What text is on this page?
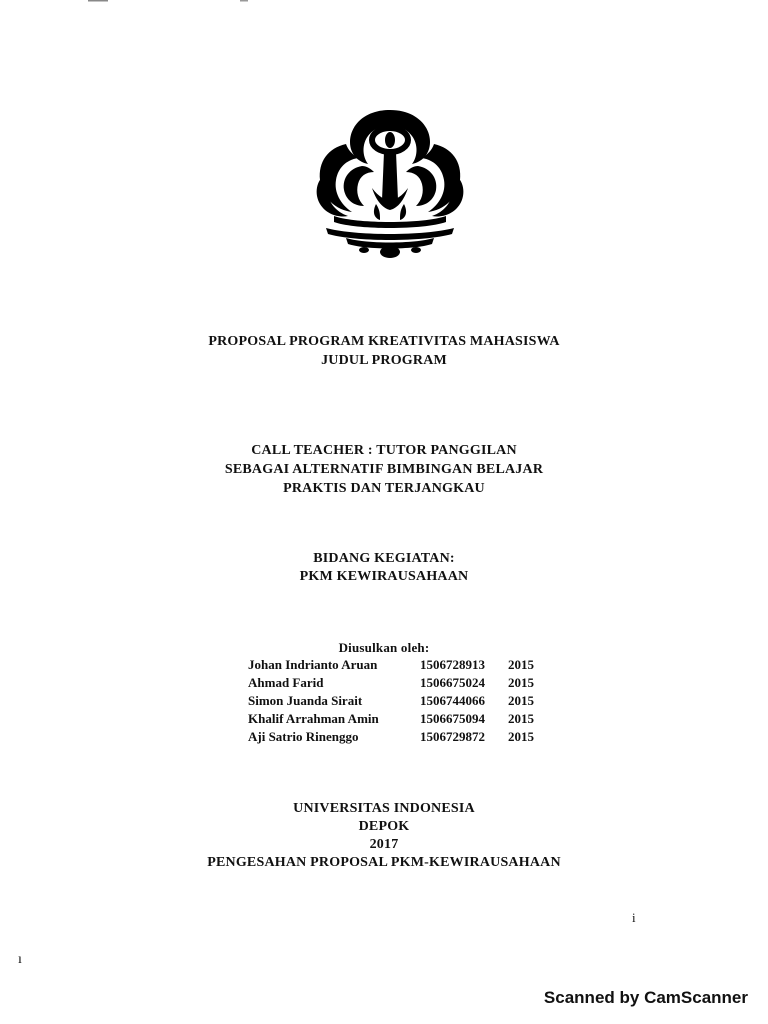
PROPOSAL PROGRAM KREATIVITAS MAHASISWA
JUDUL PROGRAM
CALL TEACHER : TUTOR PANGGILAN
SEBAGAI ALTERNATIF BIMBINGAN BELAJAR
PRAKTIS DAN TERJANGKAU
BIDANG KEGIATAN:
PKM KEWIRAUSAHAAN
Diusulkan oleh:
Johan Indrianto Aruan	1506728913	2015
Ahmad Farid	1506675024	2015
Simon Juanda Sirait	1506744066	2015
Khalif Arrahman Amin	1506675094	2015
Aji Satrio Rinenggo	1506729872	2015
UNIVERSITAS INDONESIA
DEPOK
2017
PENGESAHAN PROPOSAL PKM-KEWIRAUSAHAAN
i
ı
Scanned by CamScanner
